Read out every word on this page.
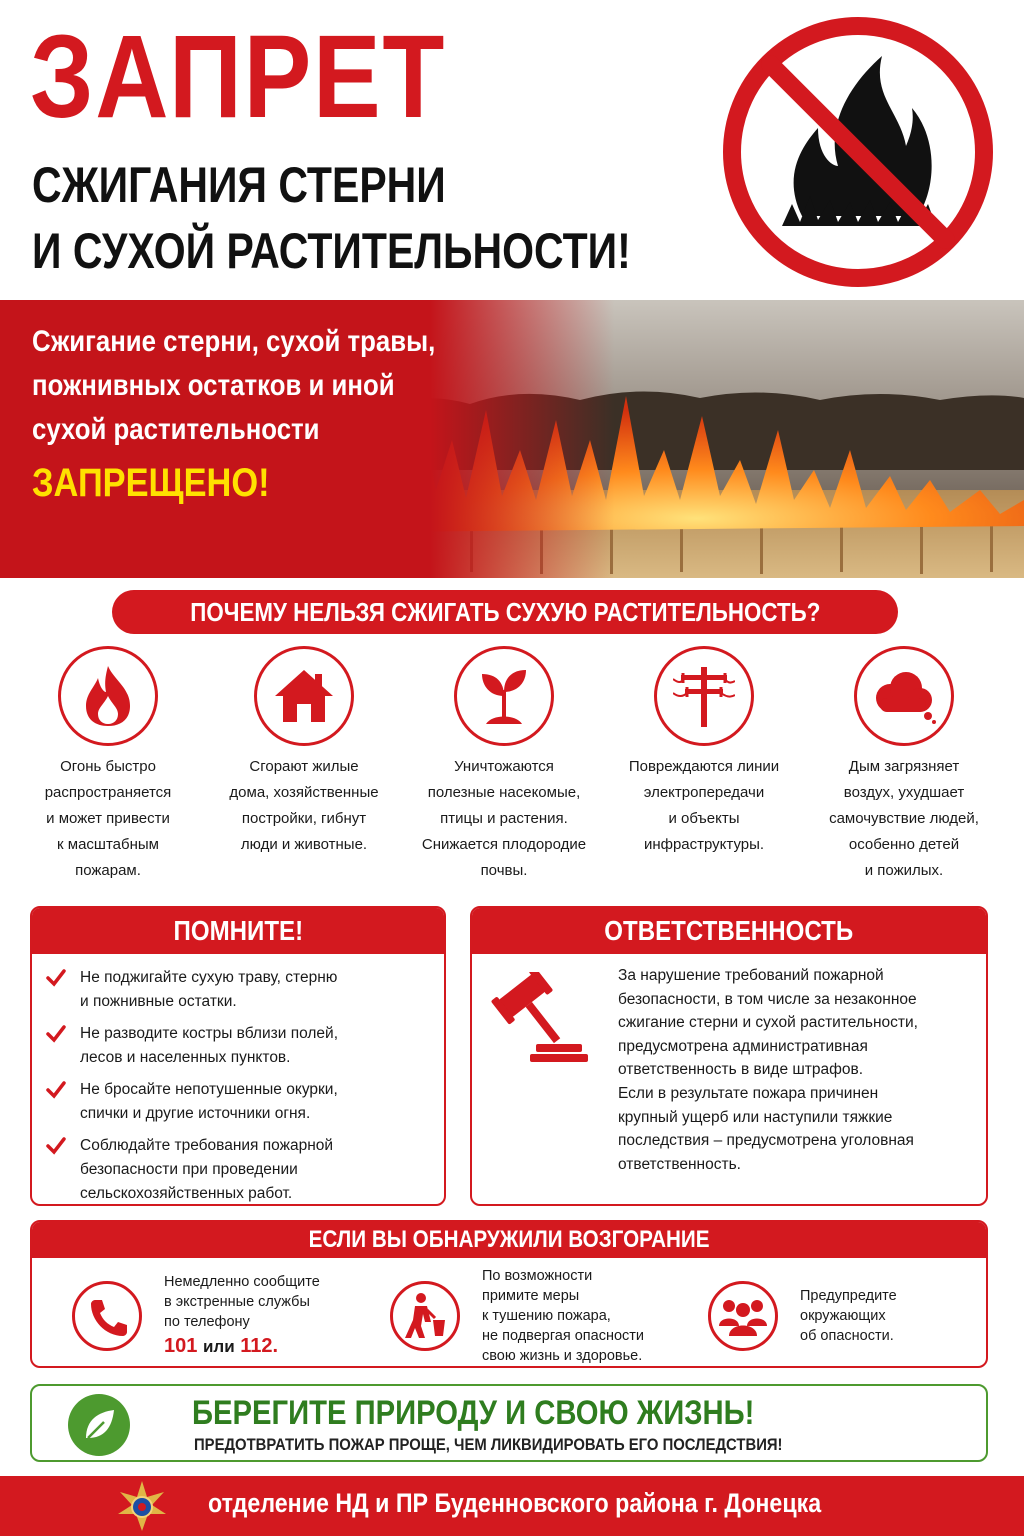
ЗАПРЕТ
СЖИГАНИЯ СТЕРНИ
И СУХОЙ РАСТИТЕЛЬНОСТИ!
Сжигание стерни, сухой травы,
пожнивных остатков и иной
сухой растительности
ЗАПРЕЩЕНО!
ПОЧЕМУ НЕЛЬЗЯ СЖИГАТЬ СУХУЮ РАСТИТЕЛЬНОСТЬ?
Огонь быстро
распространяется
и может привести
к масштабным
пожарам.
Сгорают жилые
дома, хозяйственные
постройки, гибнут
люди и животные.
Уничтожаются
полезные насекомые,
птицы и растения.
Снижается плодородие
почвы.
Повреждаются линии
электропередачи
и объекты
инфраструктуры.
Дым загрязняет
воздух, ухудшает
самочувствие людей,
особенно детей
и пожилых.
ПОМНИТЕ!
Не поджигайте сухую траву, стерню
и пожнивные остатки.
Не разводите костры вблизи полей,
лесов и населенных пунктов.
Не бросайте непотушенные окурки,
спички и другие источники огня.
Соблюдайте требования пожарной
безопасности при проведении
сельскохозяйственных работ.
ОТВЕТСТВЕННОСТЬ
За нарушение требований пожарной
безопасности, в том числе за незаконное
сжигание стерни и сухой растительности,
предусмотрена административная
ответственность в виде штрафов.
Если в результате пожара причинен
крупный ущерб или наступили тяжкие
последствия – предусмотрена уголовная
ответственность.
ЕСЛИ ВЫ ОБНАРУЖИЛИ ВОЗГОРАНИЕ
Немедленно сообщите
в экстренные службы
по телефону
101 или 112.
По возможности
примите меры
к тушению пожара,
не подвергая опасности
свою жизнь и здоровье.
Предупредите
окружающих
об опасности.
БЕРЕГИТЕ ПРИРОДУ И СВОЮ ЖИЗНЬ!
ПРЕДОТВРАТИТЬ ПОЖАР ПРОЩЕ, ЧЕМ ЛИКВИДИРОВАТЬ ЕГО ПОСЛЕДСТВИЯ!
отделение НД и ПР Буденновского района г. Донецка
